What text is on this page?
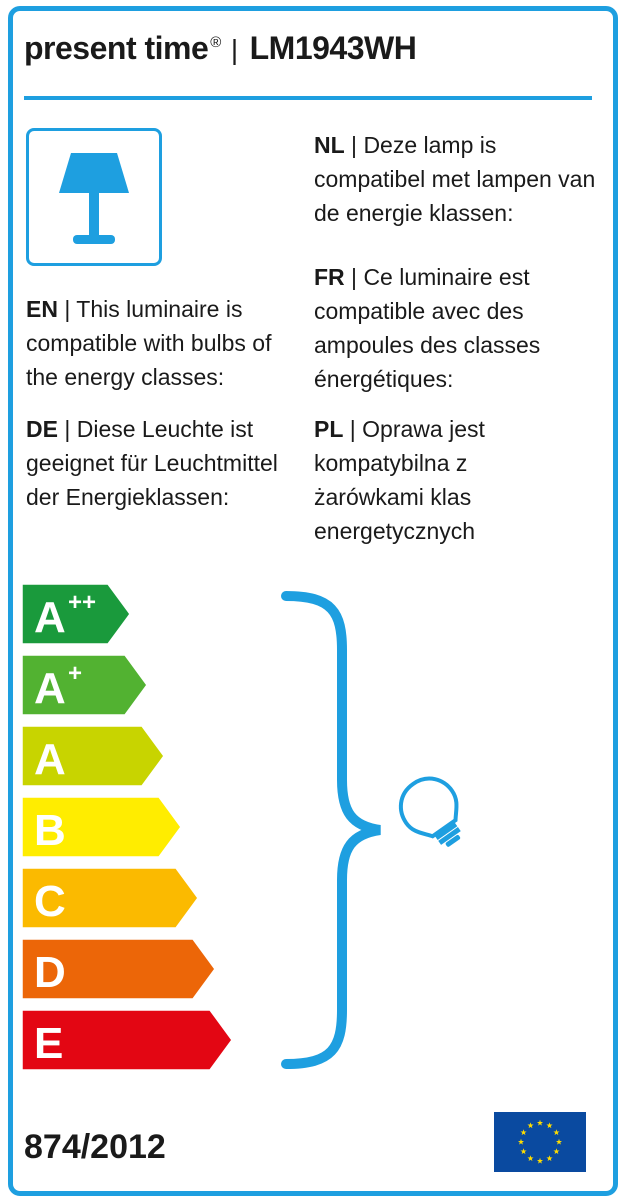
present time ® | LM1943WH
EN | This luminaire is compatible with bulbs of the energy classes:
DE | Diese Leuchte ist geeignet für Leuchtmittel der Energieklassen:
NL | Deze lamp is compatibel met lampen van de energie klassen:
FR | Ce luminaire est compatible avec des ampoules des classes énergétiques:
PL | Oprawa jest kompatybilna z żarówkami klas energetycznych
A ++
A +
A
B
C
D
E
874/2012
